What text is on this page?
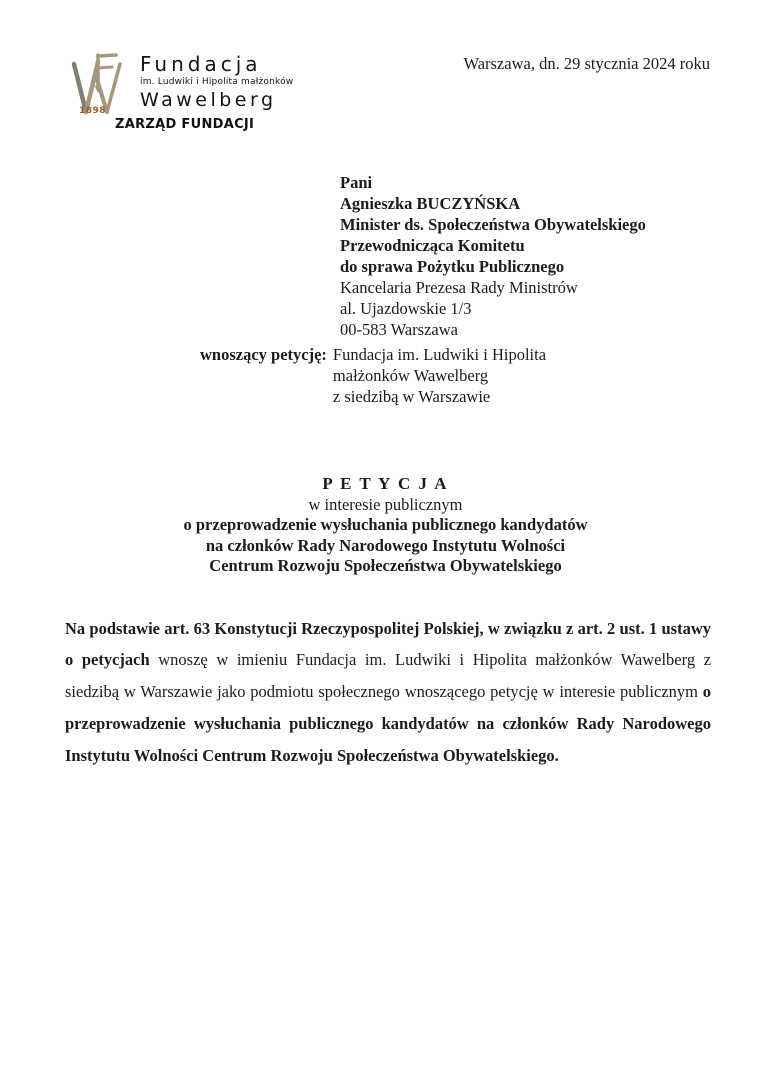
1898
Fundacja
im. Ludwiki i Hipolita małżonków
Wawelberg
ZARZĄD FUNDACJI
Warszawa, dn. 29 stycznia 2024 roku
Pani
Agnieszka BUCZYŃSKA
Minister ds. Społeczeństwa Obywatelskiego
Przewodnicząca Komitetu
do sprawa Pożytku Publicznego
Kancelaria Prezesa Rady Ministrów
al. Ujazdowskie 1/3
00-583 Warszawa
wnoszący petycję: Fundacja im. Ludwiki i Hipolita
małżonków Wawelberg
z siedzibą w Warszawie
P E T Y C J A
w interesie publicznym
o przeprowadzenie wysłuchania publicznego kandydatów
na członków Rady Narodowego Instytutu Wolności
Centrum Rozwoju Społeczeństwa Obywatelskiego

Na podstawie art. 63 Konstytucji Rzeczypospolitej Polskiej, w związku z art. 2 ust. 1 ustawy o petycjach wnoszę w imieniu Fundacja im. Ludwiki i Hipolita małżonków Wawelberg z siedzibą w Warszawie jako podmiotu społecznego wnoszącego petycję w interesie publicznym o przeprowadzenie wysłuchania publicznego kandydatów na członków Rady Narodowego Instytutu Wolności Centrum Rozwoju Społeczeństwa Obywatelskiego.
